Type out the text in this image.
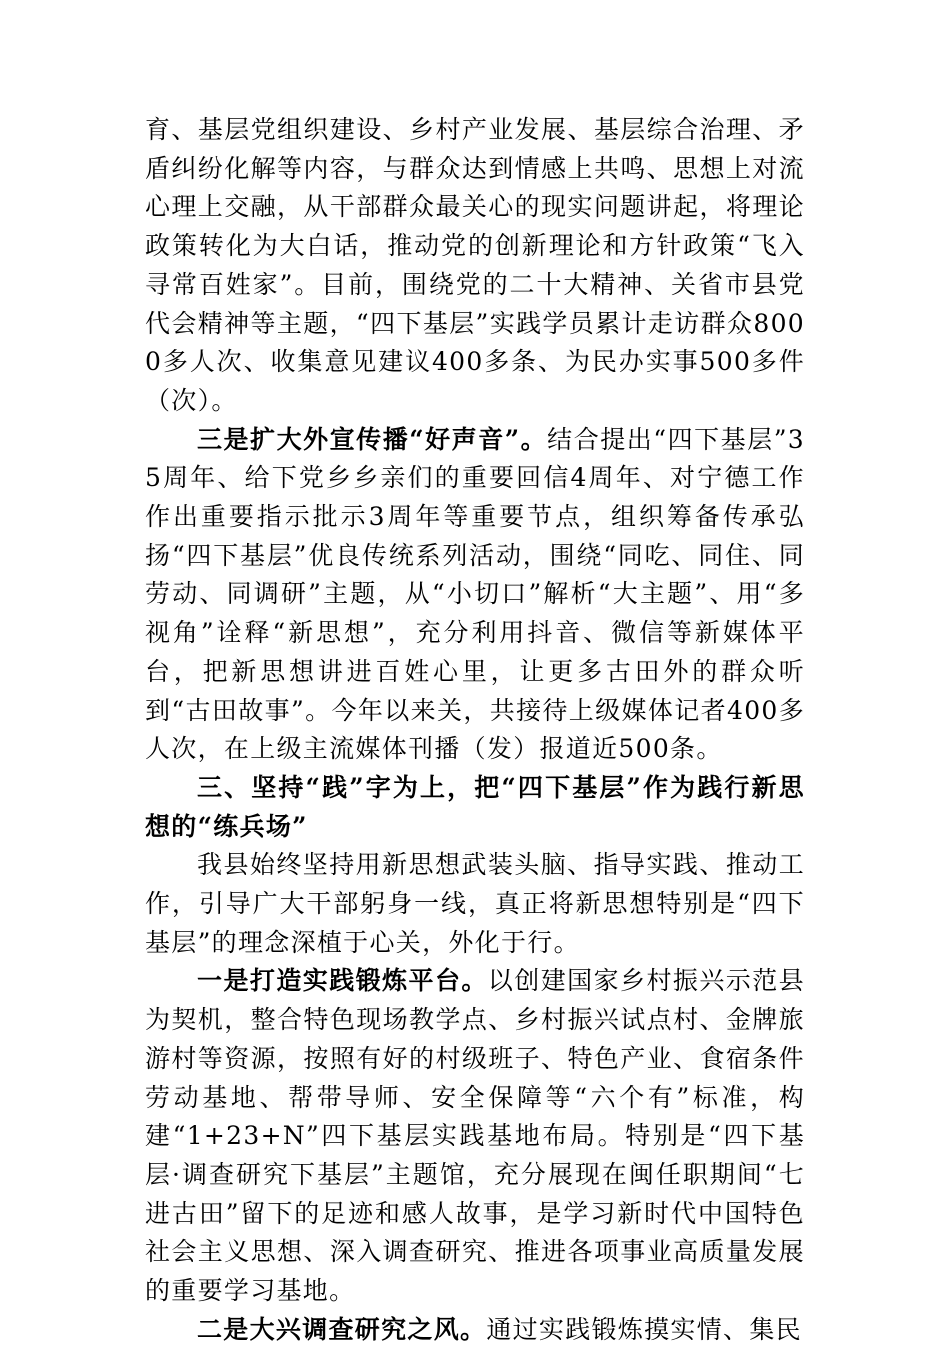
育、基层党组织建设、乡村产业发展、基层综合治理、矛盾纠纷化解等内容，与群众达到情感上共鸣、思想上对流心理上交融，从干部群众最关心的现实问题讲起，将理论政策转化为大白话，推动党的创新理论和方针政策“飞入寻常百姓家”。目前，围绕党的二十大精神、关省市县党代会精神等主题，“四下基层”实践学员累计走访群众8000多人次、收集意见建议400多条、为民办实事500多件（次）。

三是扩大外宣传播“好声音”。结合提出“四下基层”35周年、给下党乡乡亲们的重要回信4周年、对宁德工作作出重要指示批示3周年等重要节点，组织筹备传承弘扬“四下基层”优良传统系列活动，围绕“同吃、同住、同劳动、同调研”主题，从“小切口”解析“大主题”、用“多视角”诠释“新思想”，充分利用抖音、微信等新媒体平台，把新思想讲进百姓心里，让更多古田外的群众听到“古田故事”。今年以来关，共接待上级媒体记者400多人次，在上级主流媒体刊播（发）报道近500条。

三、坚持“践”字为上，把“四下基层”作为践行新思想的“练兵场”

我县始终坚持用新思想武装头脑、指导实践、推动工作，引导广大干部躬身一线，真正将新思想特别是“四下基层”的理念深植于心关，外化于行。

一是打造实践锻炼平台。以创建国家乡村振兴示范县为契机，整合特色现场教学点、乡村振兴试点村、金牌旅游村等资源，按照有好的村级班子、特色产业、食宿条件劳动基地、帮带导师、安全保障等“六个有”标准，构建“1+23+N”四下基层实践基地布局。特别是“四下基层·调查研究下基层”主题馆，充分展现在闽任职期间“七进古田”留下的足迹和感人故事，是学习新时代中国特色社会主义思想、深入调查研究、推进各项事业高质量发展的重要学习基地。

二是大兴调查研究之风。通过实践锻炼摸实情、集民
